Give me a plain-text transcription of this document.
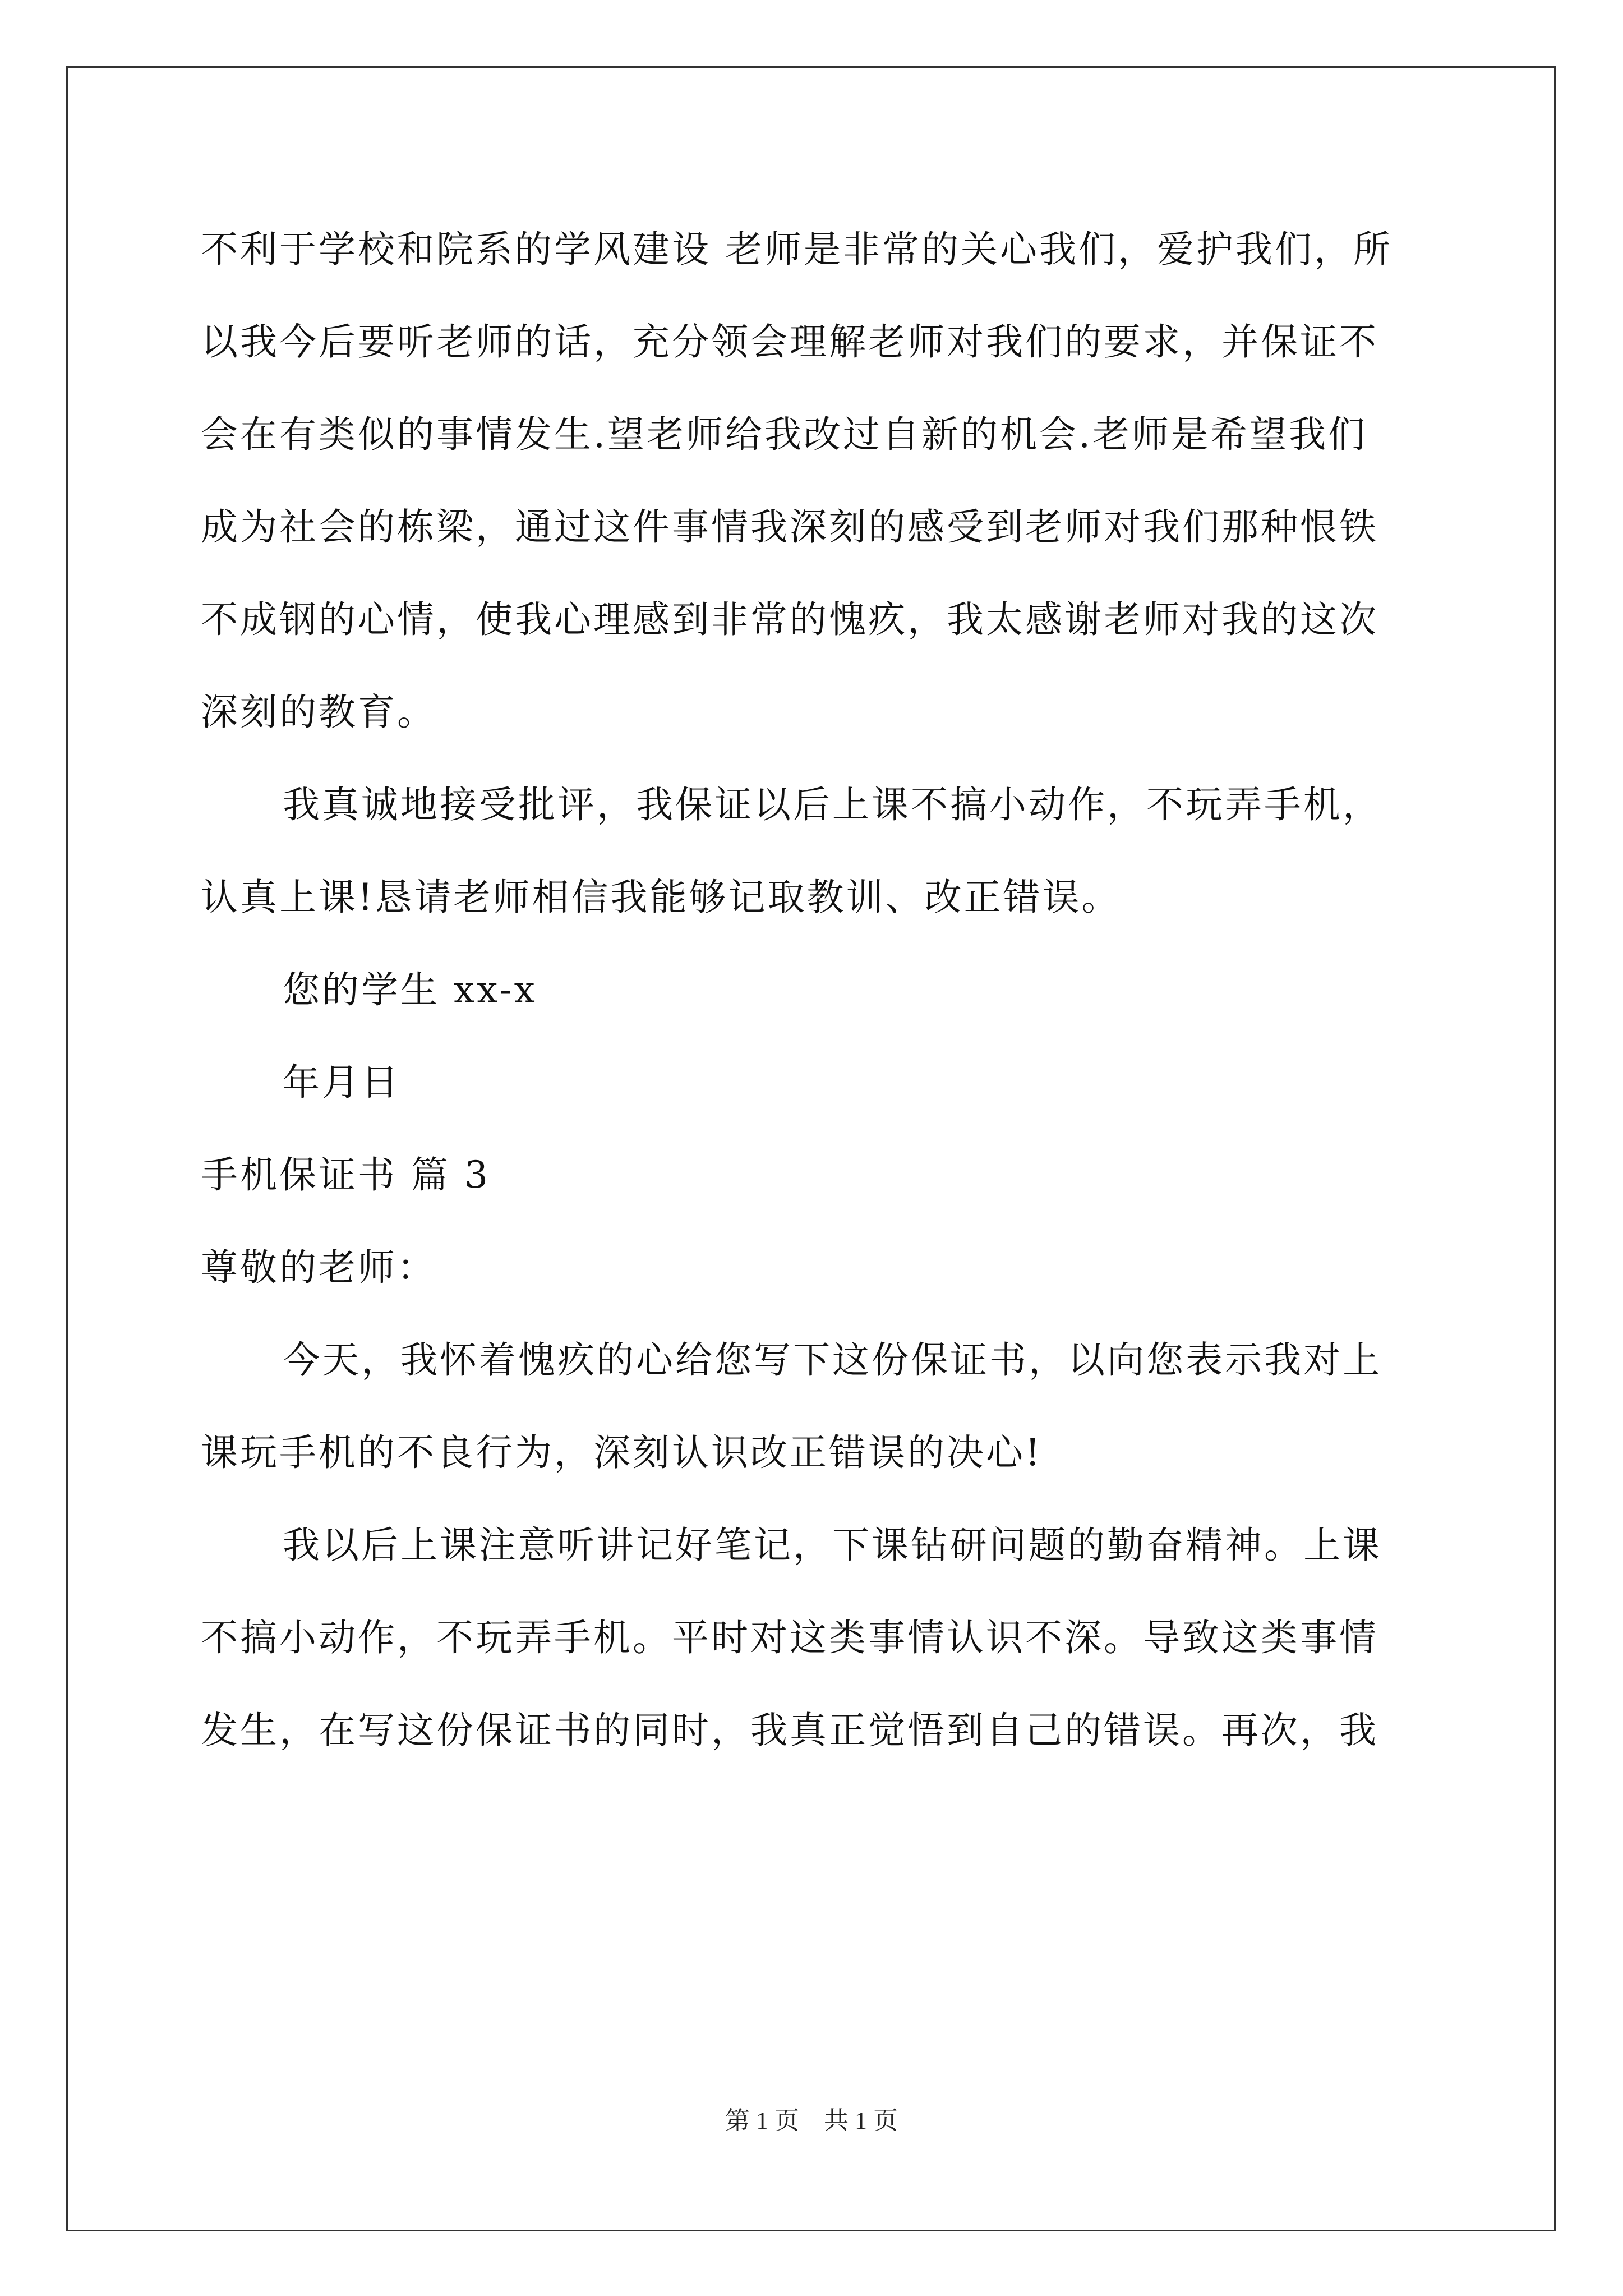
不利于学校和院系的学风建设 老师是非常的关心我们，爱护我们，所
以我今后要听老师的话，充分领会理解老师对我们的要求，并保证不
会在有类似的事情发生.望老师给我改过自新的机会.老师是希望我们
成为社会的栋梁，通过这件事情我深刻的感受到老师对我们那种恨铁
不成钢的心情，使我心理感到非常的愧疚，我太感谢老师对我的这次
深刻的教育。
我真诚地接受批评，我保证以后上课不搞小动作，不玩弄手机，
认真上课!恳请老师相信我能够记取教训、改正错误。
您的学生 xx-x
年月日
手机保证书 篇 3
尊敬的老师：
今天，我怀着愧疚的心给您写下这份保证书，以向您表示我对上
课玩手机的不良行为，深刻认识改正错误的决心!
我以后上课注意听讲记好笔记，下课钻研问题的勤奋精神。上课
不搞小动作，不玩弄手机。平时对这类事情认识不深。导致这类事情
发生，在写这份保证书的同时，我真正觉悟到自己的错误。再次，我
第 1 页　共 1 页
